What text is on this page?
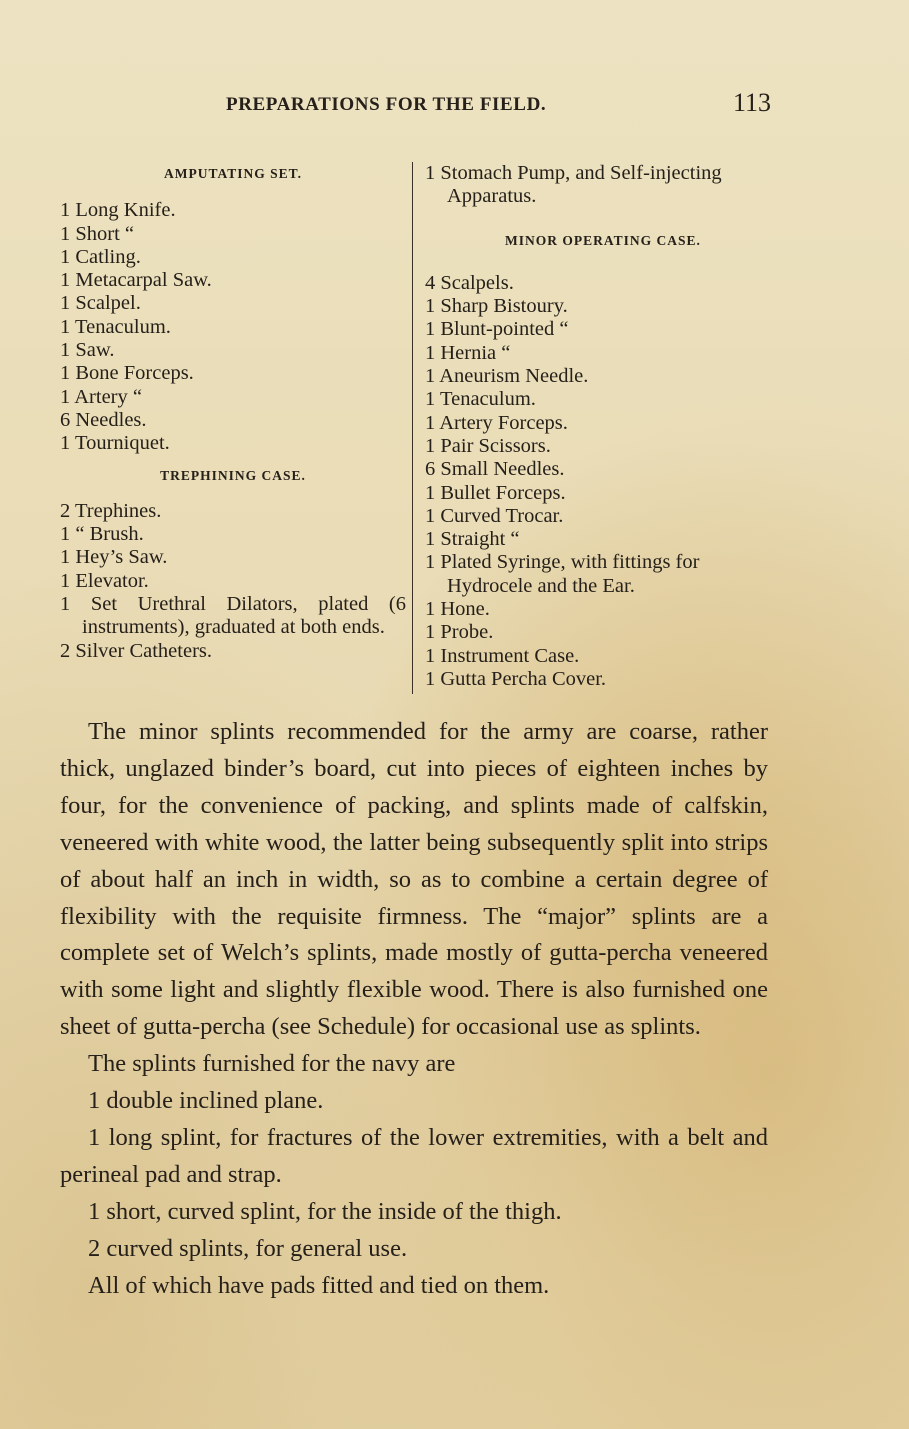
PREPARATIONS FOR THE FIELD.	113
AMPUTATING SET.
1 Long Knife.
1 Short “
1 Catling.
1 Metacarpal Saw.
1 Scalpel.
1 Tenaculum.
1 Saw.
1 Bone Forceps.
1 Artery “
6 Needles.
1 Tourniquet.
TREPHINING CASE.
2 Trephines.
1 “ Brush.
1 Hey’s Saw.
1 Elevator.
1 Set Urethral Dilators, plated (6 instruments), graduated at both ends.
2 Silver Catheters.
1 Stomach Pump, and Self-injecting Apparatus.
MINOR OPERATING CASE.
4 Scalpels.
1 Sharp Bistoury.
1 Blunt-pointed “
1 Hernia “
1 Aneurism Needle.
1 Tenaculum.
1 Artery Forceps.
1 Pair Scissors.
6 Small Needles.
1 Bullet Forceps.
1 Curved Trocar.
1 Straight “
1 Plated Syringe, with fittings for Hydrocele and the Ear.
1 Hone.
1 Probe.
1 Instrument Case.
1 Gutta Percha Cover.

The minor splints recommended for the army are coarse, rather thick, unglazed binder’s board, cut into pieces of eighteen inches by four, for the convenience of packing, and splints made of calfskin, veneered with white wood, the latter being subsequently split into strips of about half an inch in width, so as to combine a certain degree of flexibility with the requisite firmness. The “major” splints are a complete set of Welch’s splints, made mostly of gutta-percha veneered with some light and slightly flexible wood. There is also furnished one sheet of gutta-percha (see Schedule) for occasional use as splints.

The splints furnished for the navy are

1 double inclined plane.

1 long splint, for fractures of the lower extremities, with a belt and perineal pad and strap.

1 short, curved splint, for the inside of the thigh.

2 curved splints, for general use.

All of which have pads fitted and tied on them.
